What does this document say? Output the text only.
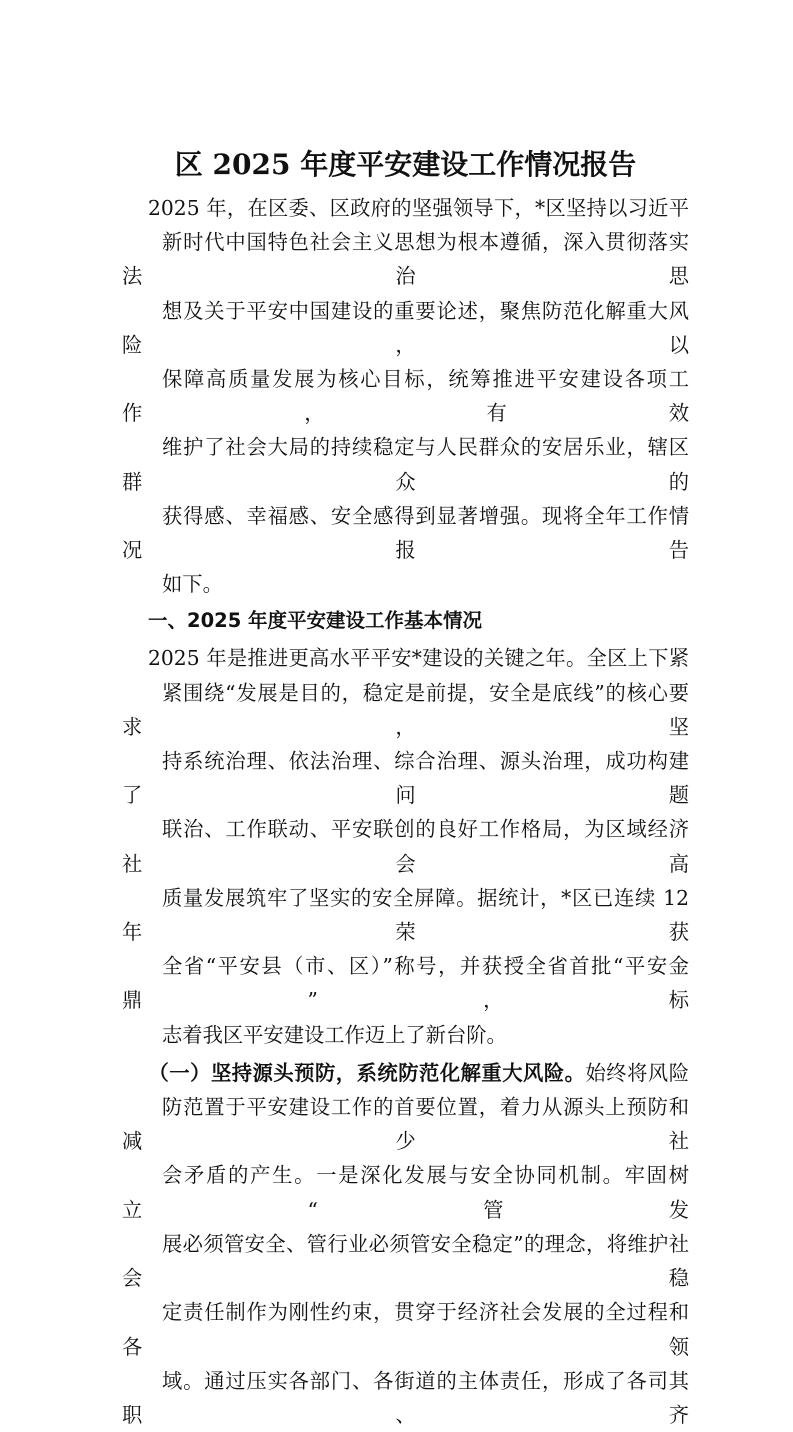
区 2025 年度平安建设工作情况报告

2025 年，在区委、区政府的坚强领导下，*区坚持以习近平
新时代中国特色社会主义思想为根本遵循，深入贯彻落实法治思
想及关于平安中国建设的重要论述，聚焦防范化解重大风险，以
保障高质量发展为核心目标，统筹推进平安建设各项工作，有效
维护了社会大局的持续稳定与人民群众的安居乐业，辖区群众的
获得感、幸福感、安全感得到显著增强。现将全年工作情况报告
如下。

一、2025 年度平安建设工作基本情况

2025 年是推进更高水平平安*建设的关键之年。全区上下紧
紧围绕“发展是目的，稳定是前提，安全是底线”的核心要求，坚
持系统治理、依法治理、综合治理、源头治理，成功构建了问题
联治、工作联动、平安联创的良好工作格局，为区域经济社会高
质量发展筑牢了坚实的安全屏障。据统计，*区已连续 12 年荣获
全省“平安县（市、区）”称号，并获授全省首批“平安金鼎”，标
志着我区平安建设工作迈上了新台阶。

（一）坚持源头预防，系统防范化解重大风险。始终将风险
防范置于平安建设工作的首要位置，着力从源头上预防和减少社
会矛盾的产生。一是深化发展与安全协同机制。牢固树立“管发
展必须管安全、管行业必须管安全稳定”的理念，将维护社会稳
定责任制作为刚性约束，贯穿于经济社会发展的全过程和各领
域。通过压实各部门、各街道的主体责任，形成了各司其职、齐
